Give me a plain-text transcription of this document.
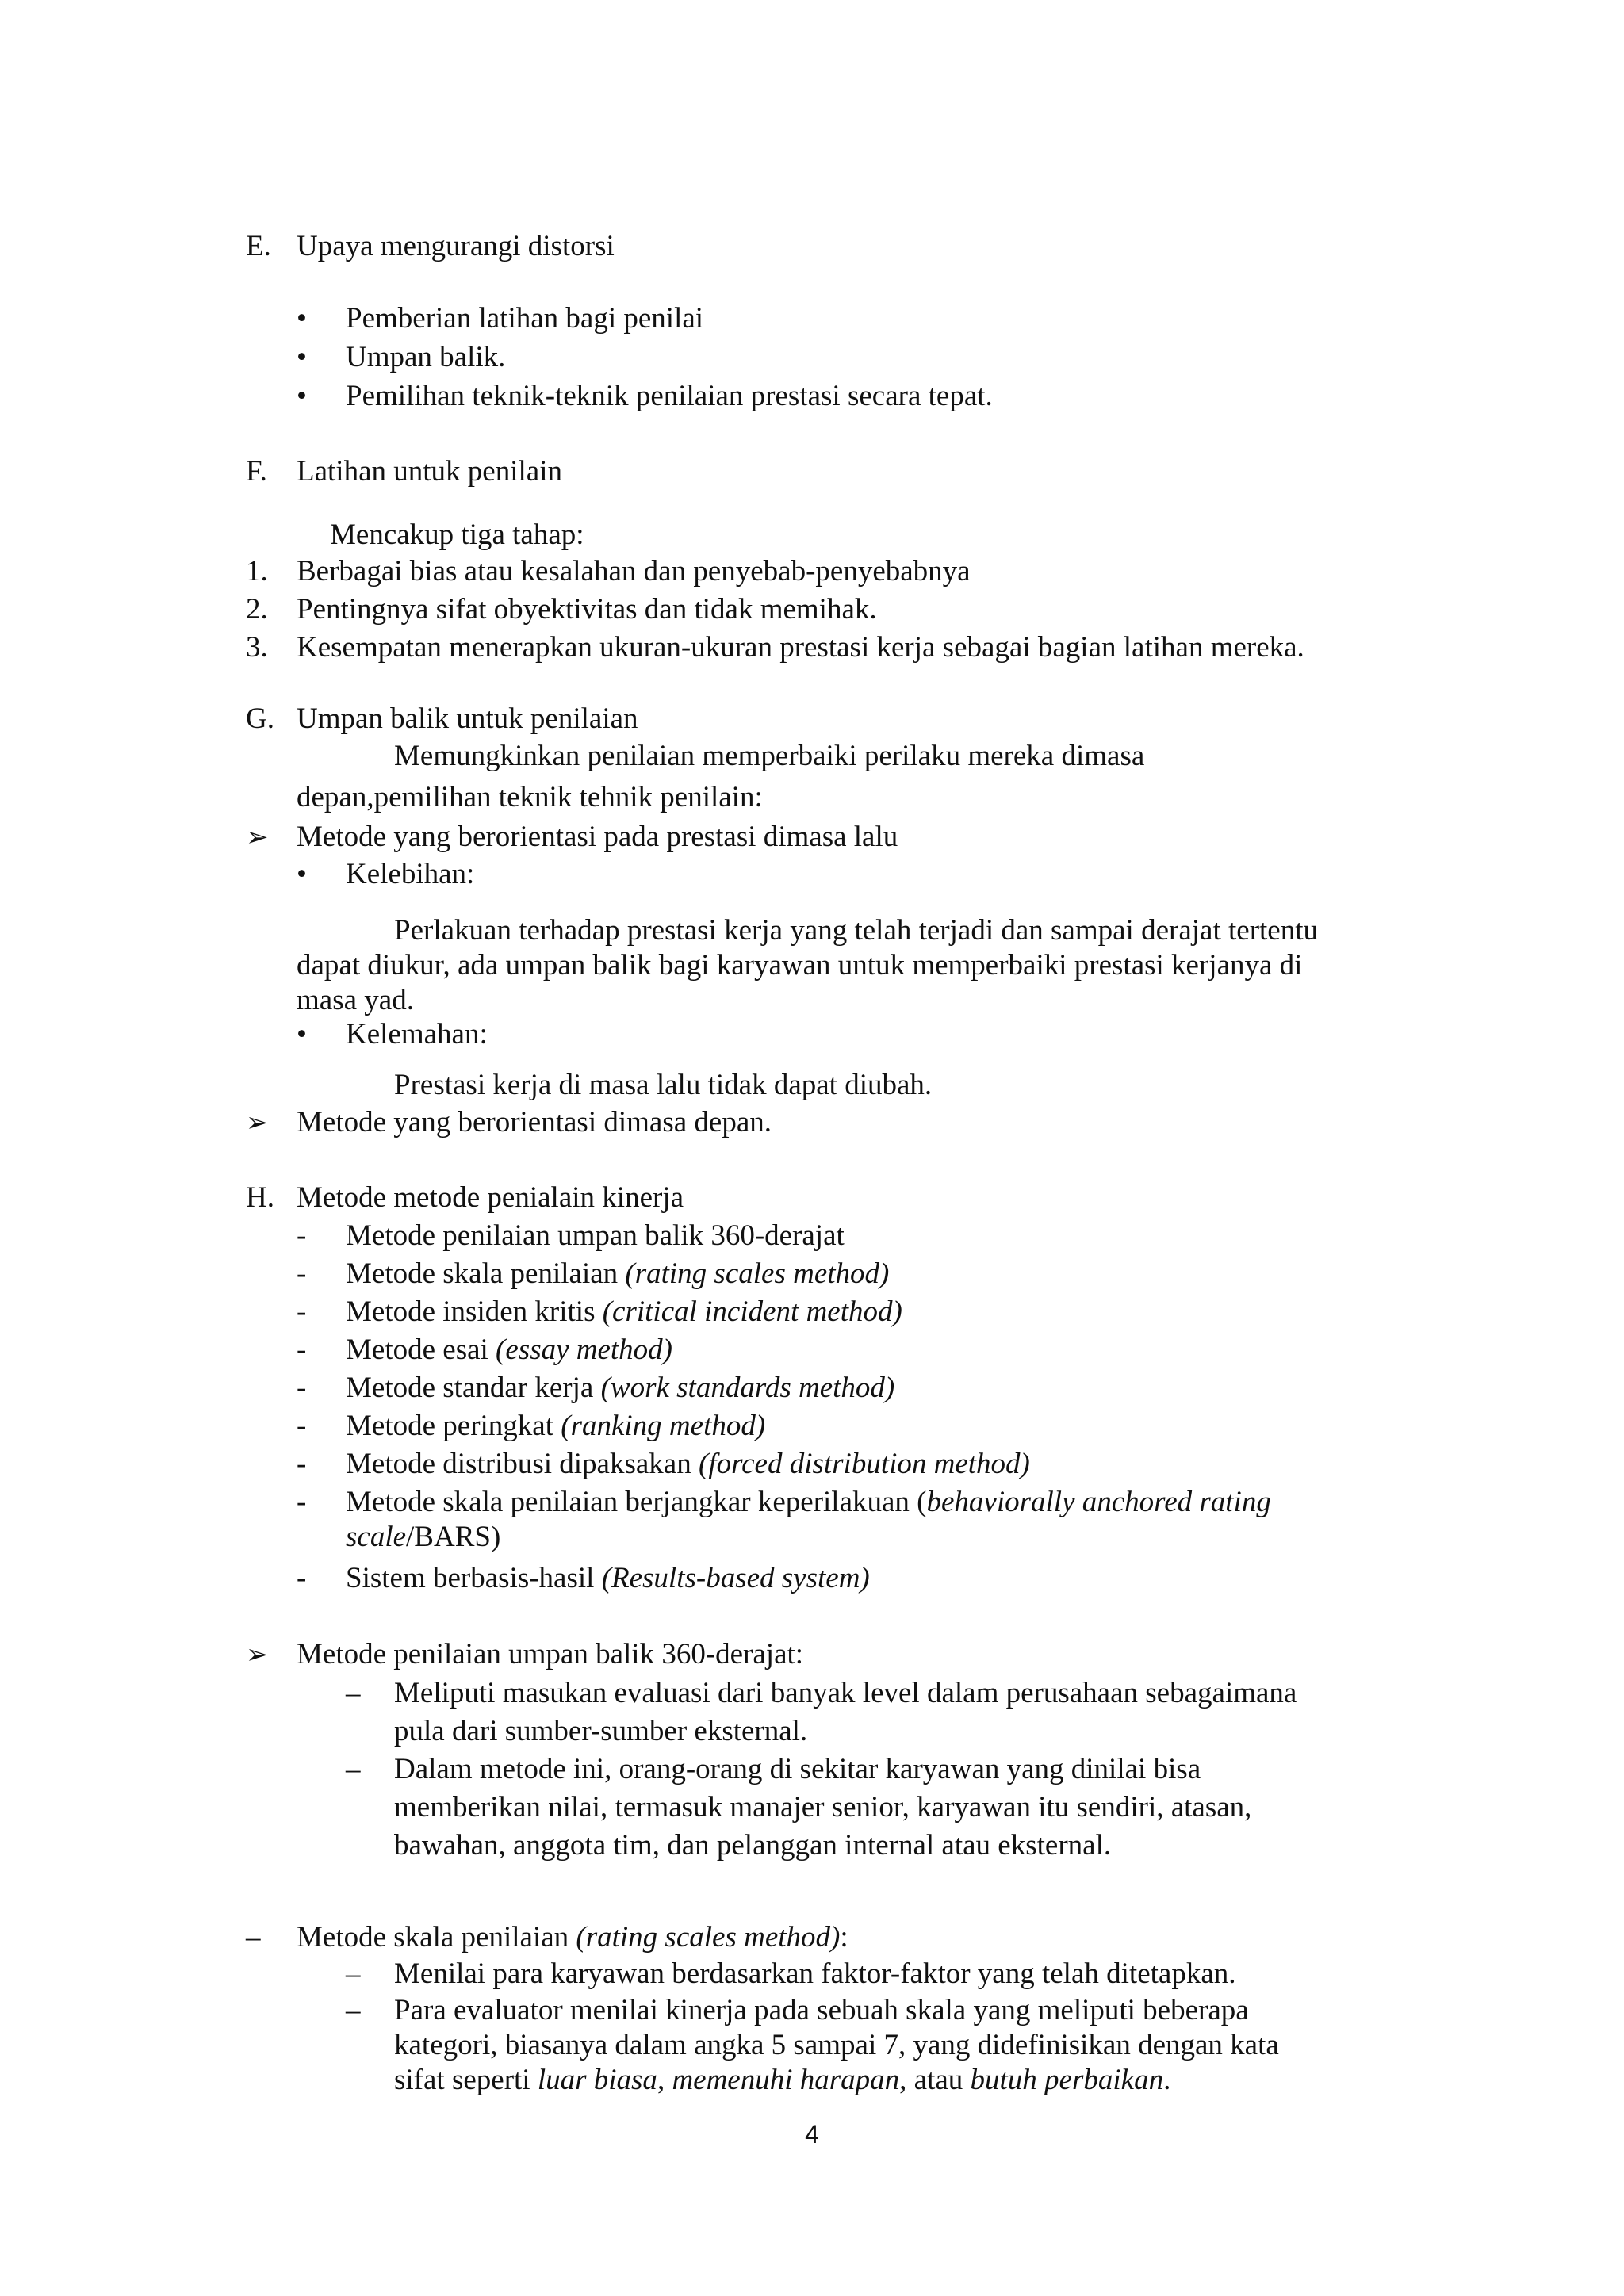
E. Upaya mengurangi distorsi
• Pemberian latihan bagi penilai
• Umpan balik.
• Pemilihan teknik-teknik penilaian prestasi secara tepat.
F. Latihan untuk penilain
Mencakup tiga tahap:
1. Berbagai bias atau kesalahan dan penyebab-penyebabnya
2. Pentingnya sifat obyektivitas dan tidak memihak.
3. Kesempatan menerapkan ukuran-ukuran prestasi kerja sebagai bagian latihan mereka.
G. Umpan balik untuk penilaian
Memungkinkan penilaian memperbaiki perilaku mereka dimasa
depan,pemilihan teknik tehnik penilain:
➢ Metode yang berorientasi pada prestasi dimasa lalu
• Kelebihan:
Perlakuan terhadap prestasi kerja yang telah terjadi dan sampai derajat tertentu
dapat diukur, ada umpan balik bagi karyawan untuk memperbaiki prestasi kerjanya di
masa yad.
• Kelemahan:
Prestasi kerja di masa lalu tidak dapat diubah.
➢ Metode yang berorientasi dimasa depan.
H. Metode metode penialain kinerja
- Metode penilaian umpan balik 360-derajat
- Metode skala penilaian (rating scales method)
- Metode insiden kritis (critical incident method)
- Metode esai (essay method)
- Metode standar kerja (work standards method)
- Metode peringkat (ranking method)
- Metode distribusi dipaksakan (forced distribution method)
- Metode skala penilaian berjangkar keperilakuan (behaviorally anchored rating
scale/BARS)
- Sistem berbasis-hasil (Results-based system)
➢ Metode penilaian umpan balik 360-derajat:
– Meliputi masukan evaluasi dari banyak level dalam perusahaan sebagaimana
pula dari sumber-sumber eksternal.
– Dalam metode ini, orang-orang di sekitar karyawan yang dinilai bisa
memberikan nilai, termasuk manajer senior, karyawan itu sendiri, atasan,
bawahan, anggota tim, dan pelanggan internal atau eksternal.
– Metode skala penilaian (rating scales method):
– Menilai para karyawan berdasarkan faktor-faktor yang telah ditetapkan.
– Para evaluator menilai kinerja pada sebuah skala yang meliputi beberapa
kategori, biasanya dalam angka 5 sampai 7, yang didefinisikan dengan kata
sifat seperti luar biasa, memenuhi harapan, atau butuh perbaikan.
4
